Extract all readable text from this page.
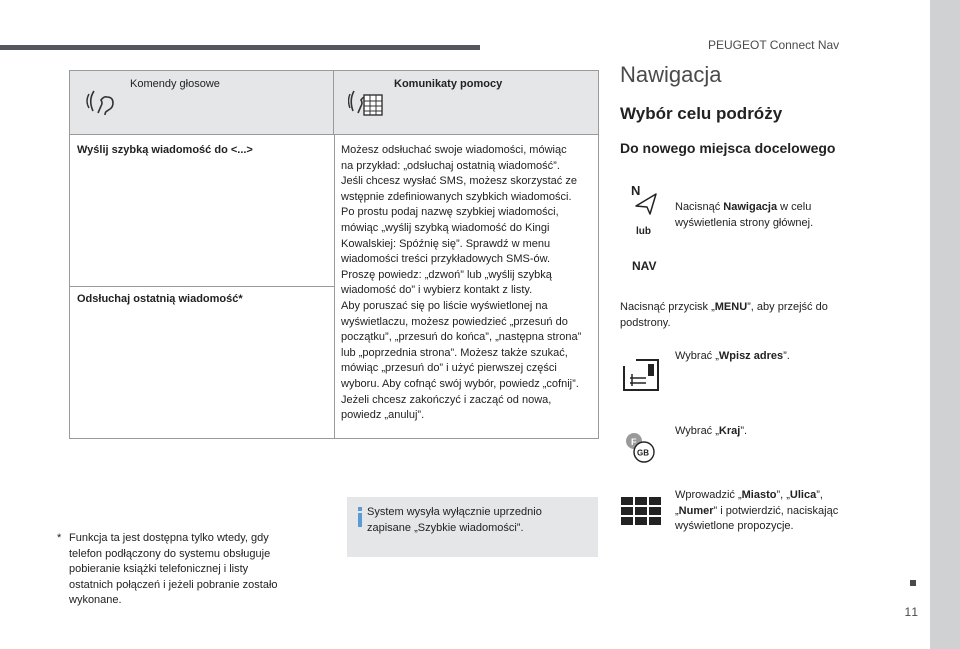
PEUGEOT Connect Nav
11
Komendy głosowe	Komunikaty pomocy
Wyślij szybką wiadomość do <...>
Odsłuchaj ostatnią wiadomość*
Możesz odsłuchać swoje wiadomości, mówiąc
na przykład: „odsłuchaj ostatnią wiadomość”.
Jeśli chcesz wysłać SMS, możesz skorzystać ze
wstępnie zdefiniowanych szybkich wiadomości.
Po prostu podaj nazwę szybkiej wiadomości,
mówiąc „wyślij szybką wiadomość do Kingi
Kowalskiej: Spóźnię się”. Sprawdź w menu
wiadomości treści przykładowych SMS-ów.
Proszę powiedz: „dzwoń” lub „wyślij szybką
wiadomość do” i wybierz kontakt z listy.
Aby poruszać się po liście wyświetlonej na
wyświetlaczu, możesz powiedzieć „przesuń do
początku”, „przesuń do końca”, „następna strona”
lub „poprzednia strona”. Możesz także szukać,
mówiąc „przesuń do” i użyć pierwszej części
wyboru. Aby cofnąć swój wybór, powiedz „cofnij”.
Jeżeli chcesz zakończyć i zacząć od nowa,
powiedz „anuluj”.
* Funkcja ta jest dostępna tylko wtedy, gdy
telefon podłączony do systemu obsługuje
pobieranie książki telefonicznej i listy
ostatnich połączeń i jeżeli pobranie zostało
wykonane.
System wysyła wyłącznie uprzednio
zapisane „Szybkie wiadomości”.
Nawigacja
Wybór celu podróży
Do nowego miejsca docelowego
N
Nacisnąć Nawigacja w celu
wyświetlenia strony głównej.
lub
NAV
Nacisnąć przycisk „MENU”, aby przejść do
podstrony.
Wybrać „Wpisz adres”.
F
GB
Wybrać „Kraj”.
Wprowadzić „Miasto”, „Ulica”,
„Numer” i potwierdzić, naciskając
wyświetlone propozycje.
